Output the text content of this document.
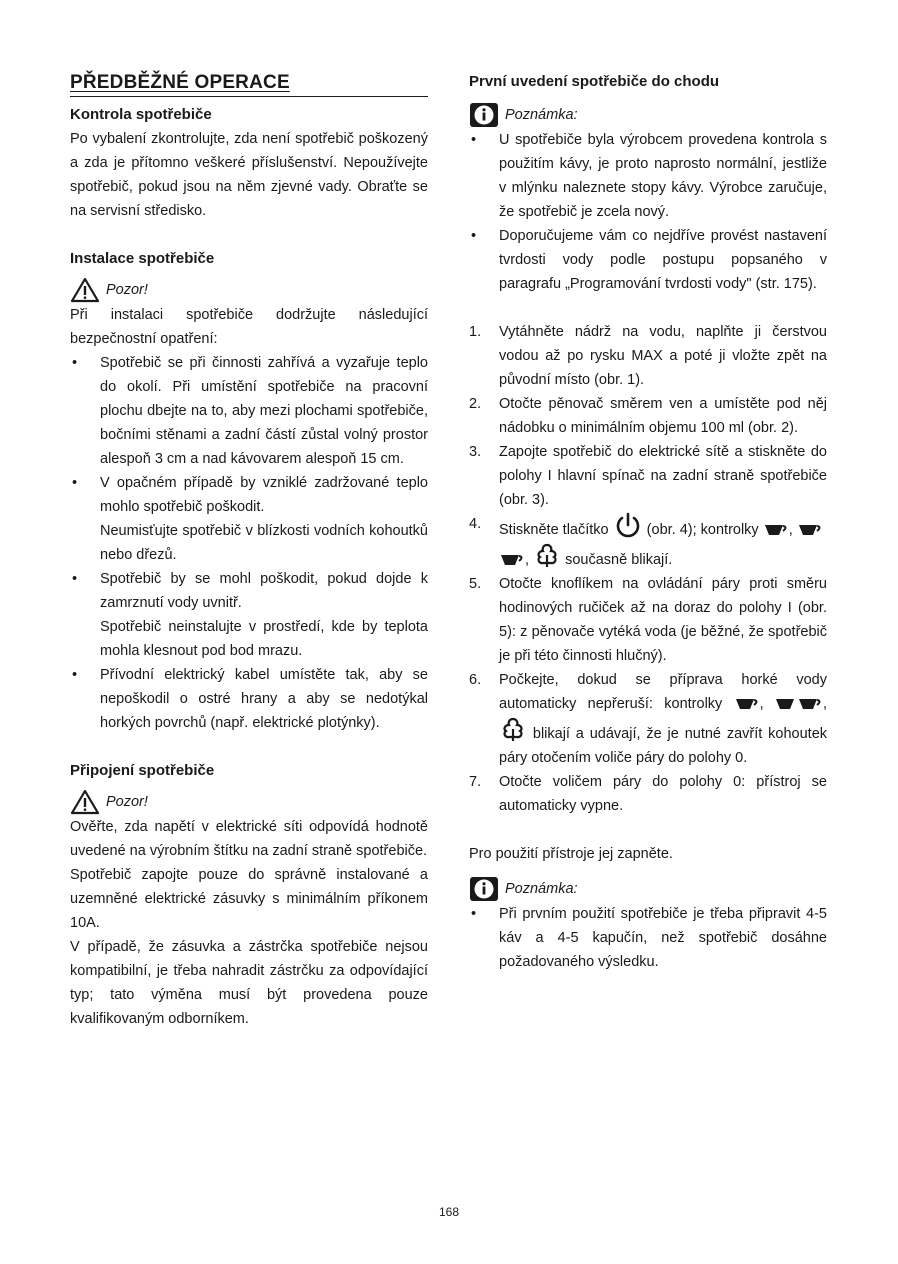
PŘEDBĚŽNÉ OPERACE
Kontrola spotřebiče

Po vybalení zkontrolujte, zda není spotřebič poškozený a zda je přítomno veškeré příslušenství. Nepoužívejte spotřebič, pokud jsou na něm zjevné vady. Obraťte se na servisní středisko.

Instalace spotřebiče
Pozor!

Při instalaci spotřebiče dodržujte následující bezpečnostní opatření:

• Spotřebič se při činnosti zahřívá a vyzařuje teplo do okolí. Při umístění spotřebiče na pracovní plochu dbejte na to, aby mezi plochami spotřebiče, bočními stěnami a zadní částí zůstal volný prostor alespoň 3 cm a nad kávovarem alespoň 15 cm.
• V opačném případě by vzniklé zadržované teplo mohlo spotřebič poškodit.
Neumisťujte spotřebič v blízkosti vodních kohoutků nebo dřezů.
• Spotřebič by se mohl poškodit, pokud dojde k zamrznutí vody uvnitř.
Spotřebič neinstalujte v prostředí, kde by teplota mohla klesnout pod bod mrazu.
• Přívodní elektrický kabel umístěte tak, aby se nepoškodil o ostré hrany a aby se nedotýkal horkých povrchů (např. elektrické plotýnky).
Připojení spotřebiče
Pozor!

Ověřte, zda napětí v elektrické síti odpovídá hodnotě uvedené na výrobním štítku na zadní straně spotřebiče.

Spotřebič zapojte pouze do správně instalované a uzemněné elektrické zásuvky s minimálním příkonem 10A.

V případě, že zásuvka a zástrčka spotřebiče nejsou kompatibilní, je třeba nahradit zástrčku za odpovídající typ; tato výměna musí být provedena pouze kvalifikovaným odborníkem.

První uvedení spotřebiče do chodu
Poznámka:
• U spotřebiče byla výrobcem provedena kontrola s použitím kávy, je proto naprosto normální, jestliže v mlýnku naleznete stopy kávy. Výrobce zaručuje, že spotřebič je zcela nový.
• Doporučujeme vám co nejdříve provést nastavení tvrdosti vody podle postupu popsaného v paragrafu „Programování tvrdosti vody" (str. 175).
1. Vytáhněte nádrž na vodu, naplňte ji čerstvou vodou až po rysku MAX a poté ji vložte zpět na původní místo (obr. 1).
2. Otočte pěnovač směrem ven a umístěte pod něj nádobku o minimálním objemu 100 ml (obr. 2).
3. Zapojte spotřebič do elektrické sítě a stiskněte do polohy I hlavní spínač na zadní straně spotřebiče (obr. 3).
4. Stiskněte tlačítko	(obr. 4); kontrolky ,  , současně blikají.
5. Otočte knoflíkem na ovládání páry proti směru hodinových ručiček až na doraz do polohy I (obr. 5): z pěnovače vytéká voda (je běžné, že spotřebič je při této činnosti hlučný).
6. Počkejte, dokud se příprava horké vody automaticky nepřeruší: kontrolky	,	,  blikají a udávají, že je nutné zavřít kohoutek páry otočením voliče páry do polohy 0.
7. Otočte voličem páry do polohy 0: přístroj se automaticky vypne.

Pro použití přístroje jej zapněte.

Poznámka:
• Při prvním použití spotřebiče je třeba připravit 4-5 káv a 4-5 kapučín, než spotřebič dosáhne požadovaného výsledku.
168
